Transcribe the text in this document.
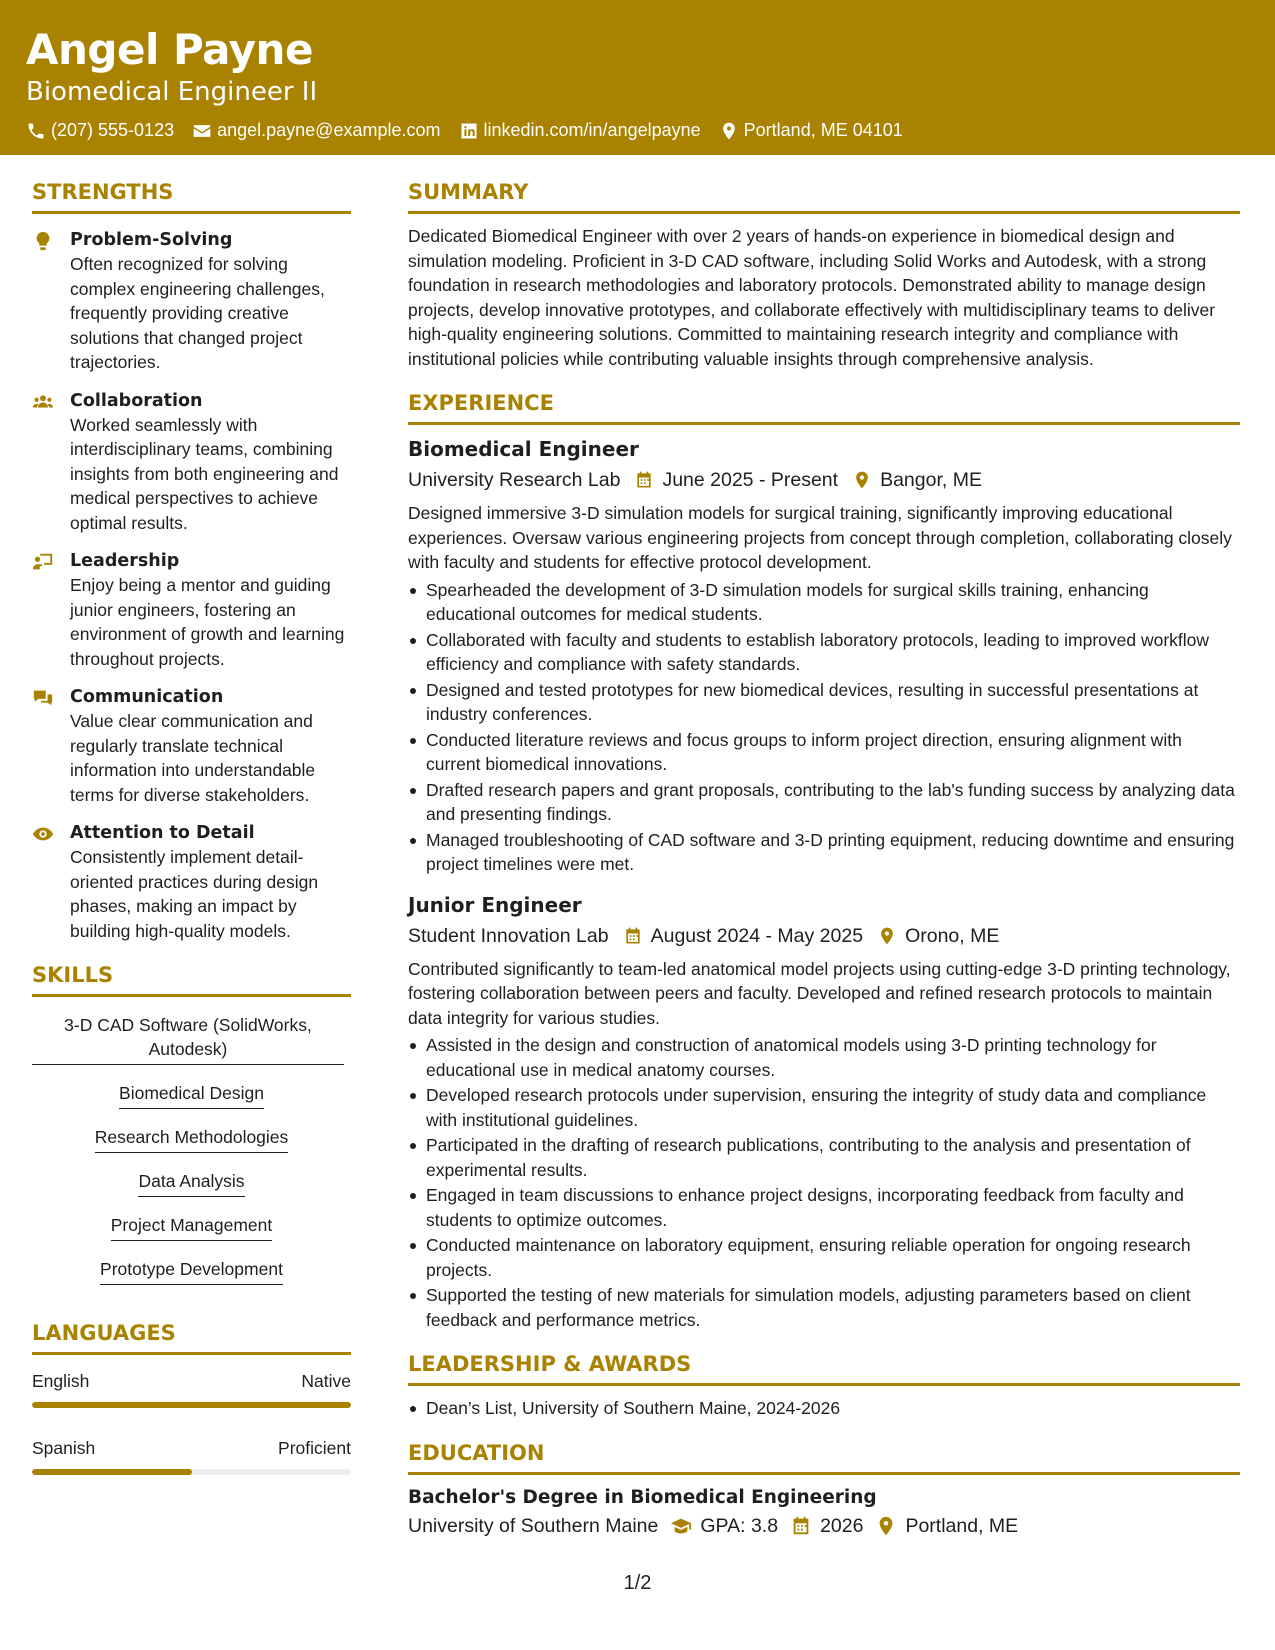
Angel Payne
Biomedical Engineer II
(207) 555-0123 angel.payne@example.com linkedin.com/in/angelpayne Portland, ME 04101
STRENGTHS
Problem-Solving
Often recognized for solving complex engineering challenges, frequently providing creative solutions that changed project trajectories.
Collaboration
Worked seamlessly with interdisciplinary teams, combining insights from both engineering and medical perspectives to achieve optimal results.
Leadership
Enjoy being a mentor and guiding junior engineers, fostering an environment of growth and learning throughout projects.
Communication
Value clear communication and regularly translate technical information into understandable terms for diverse stakeholders.
Attention to Detail
Consistently implement detail-oriented practices during design phases, making an impact by building high-quality models.
SKILLS
3-D CAD Software (SolidWorks, Autodesk)
Biomedical Design
Research Methodologies
Data Analysis
Project Management
Prototype Development
LANGUAGES
English	Native
Spanish	Proficient
SUMMARY
Dedicated Biomedical Engineer with over 2 years of hands-on experience in biomedical design and simulation modeling. Proficient in 3-D CAD software, including Solid Works and Autodesk, with a strong foundation in research methodologies and laboratory protocols. Demonstrated ability to manage design projects, develop innovative prototypes, and collaborate effectively with multidisciplinary teams to deliver high-quality engineering solutions. Committed to maintaining research integrity and compliance with institutional policies while contributing valuable insights through comprehensive analysis.
EXPERIENCE
Biomedical Engineer
University Research Lab June 2025 - Present Bangor, ME
Designed immersive 3-D simulation models for surgical training, significantly improving educational experiences. Oversaw various engineering projects from concept through completion, collaborating closely with faculty and students for effective protocol development.
Spearheaded the development of 3-D simulation models for surgical skills training, enhancing educational outcomes for medical students.
Collaborated with faculty and students to establish laboratory protocols, leading to improved workflow efficiency and compliance with safety standards.
Designed and tested prototypes for new biomedical devices, resulting in successful presentations at industry conferences.
Conducted literature reviews and focus groups to inform project direction, ensuring alignment with current biomedical innovations.
Drafted research papers and grant proposals, contributing to the lab's funding success by analyzing data and presenting findings.
Managed troubleshooting of CAD software and 3-D printing equipment, reducing downtime and ensuring project timelines were met.
Junior Engineer
Student Innovation Lab August 2024 - May 2025 Orono, ME
Contributed significantly to team-led anatomical model projects using cutting-edge 3-D printing technology, fostering collaboration between peers and faculty. Developed and refined research protocols to maintain data integrity for various studies.
Assisted in the design and construction of anatomical models using 3-D printing technology for educational use in medical anatomy courses.
Developed research protocols under supervision, ensuring the integrity of study data and compliance with institutional guidelines.
Participated in the drafting of research publications, contributing to the analysis and presentation of experimental results.
Engaged in team discussions to enhance project designs, incorporating feedback from faculty and students to optimize outcomes.
Conducted maintenance on laboratory equipment, ensuring reliable operation for ongoing research projects.
Supported the testing of new materials for simulation models, adjusting parameters based on client feedback and performance metrics.
LEADERSHIP & AWARDS
Dean’s List, University of Southern Maine, 2024-2026
EDUCATION
Bachelor's Degree in Biomedical Engineering
University of Southern Maine GPA: 3.8 2026 Portland, ME
1/2
